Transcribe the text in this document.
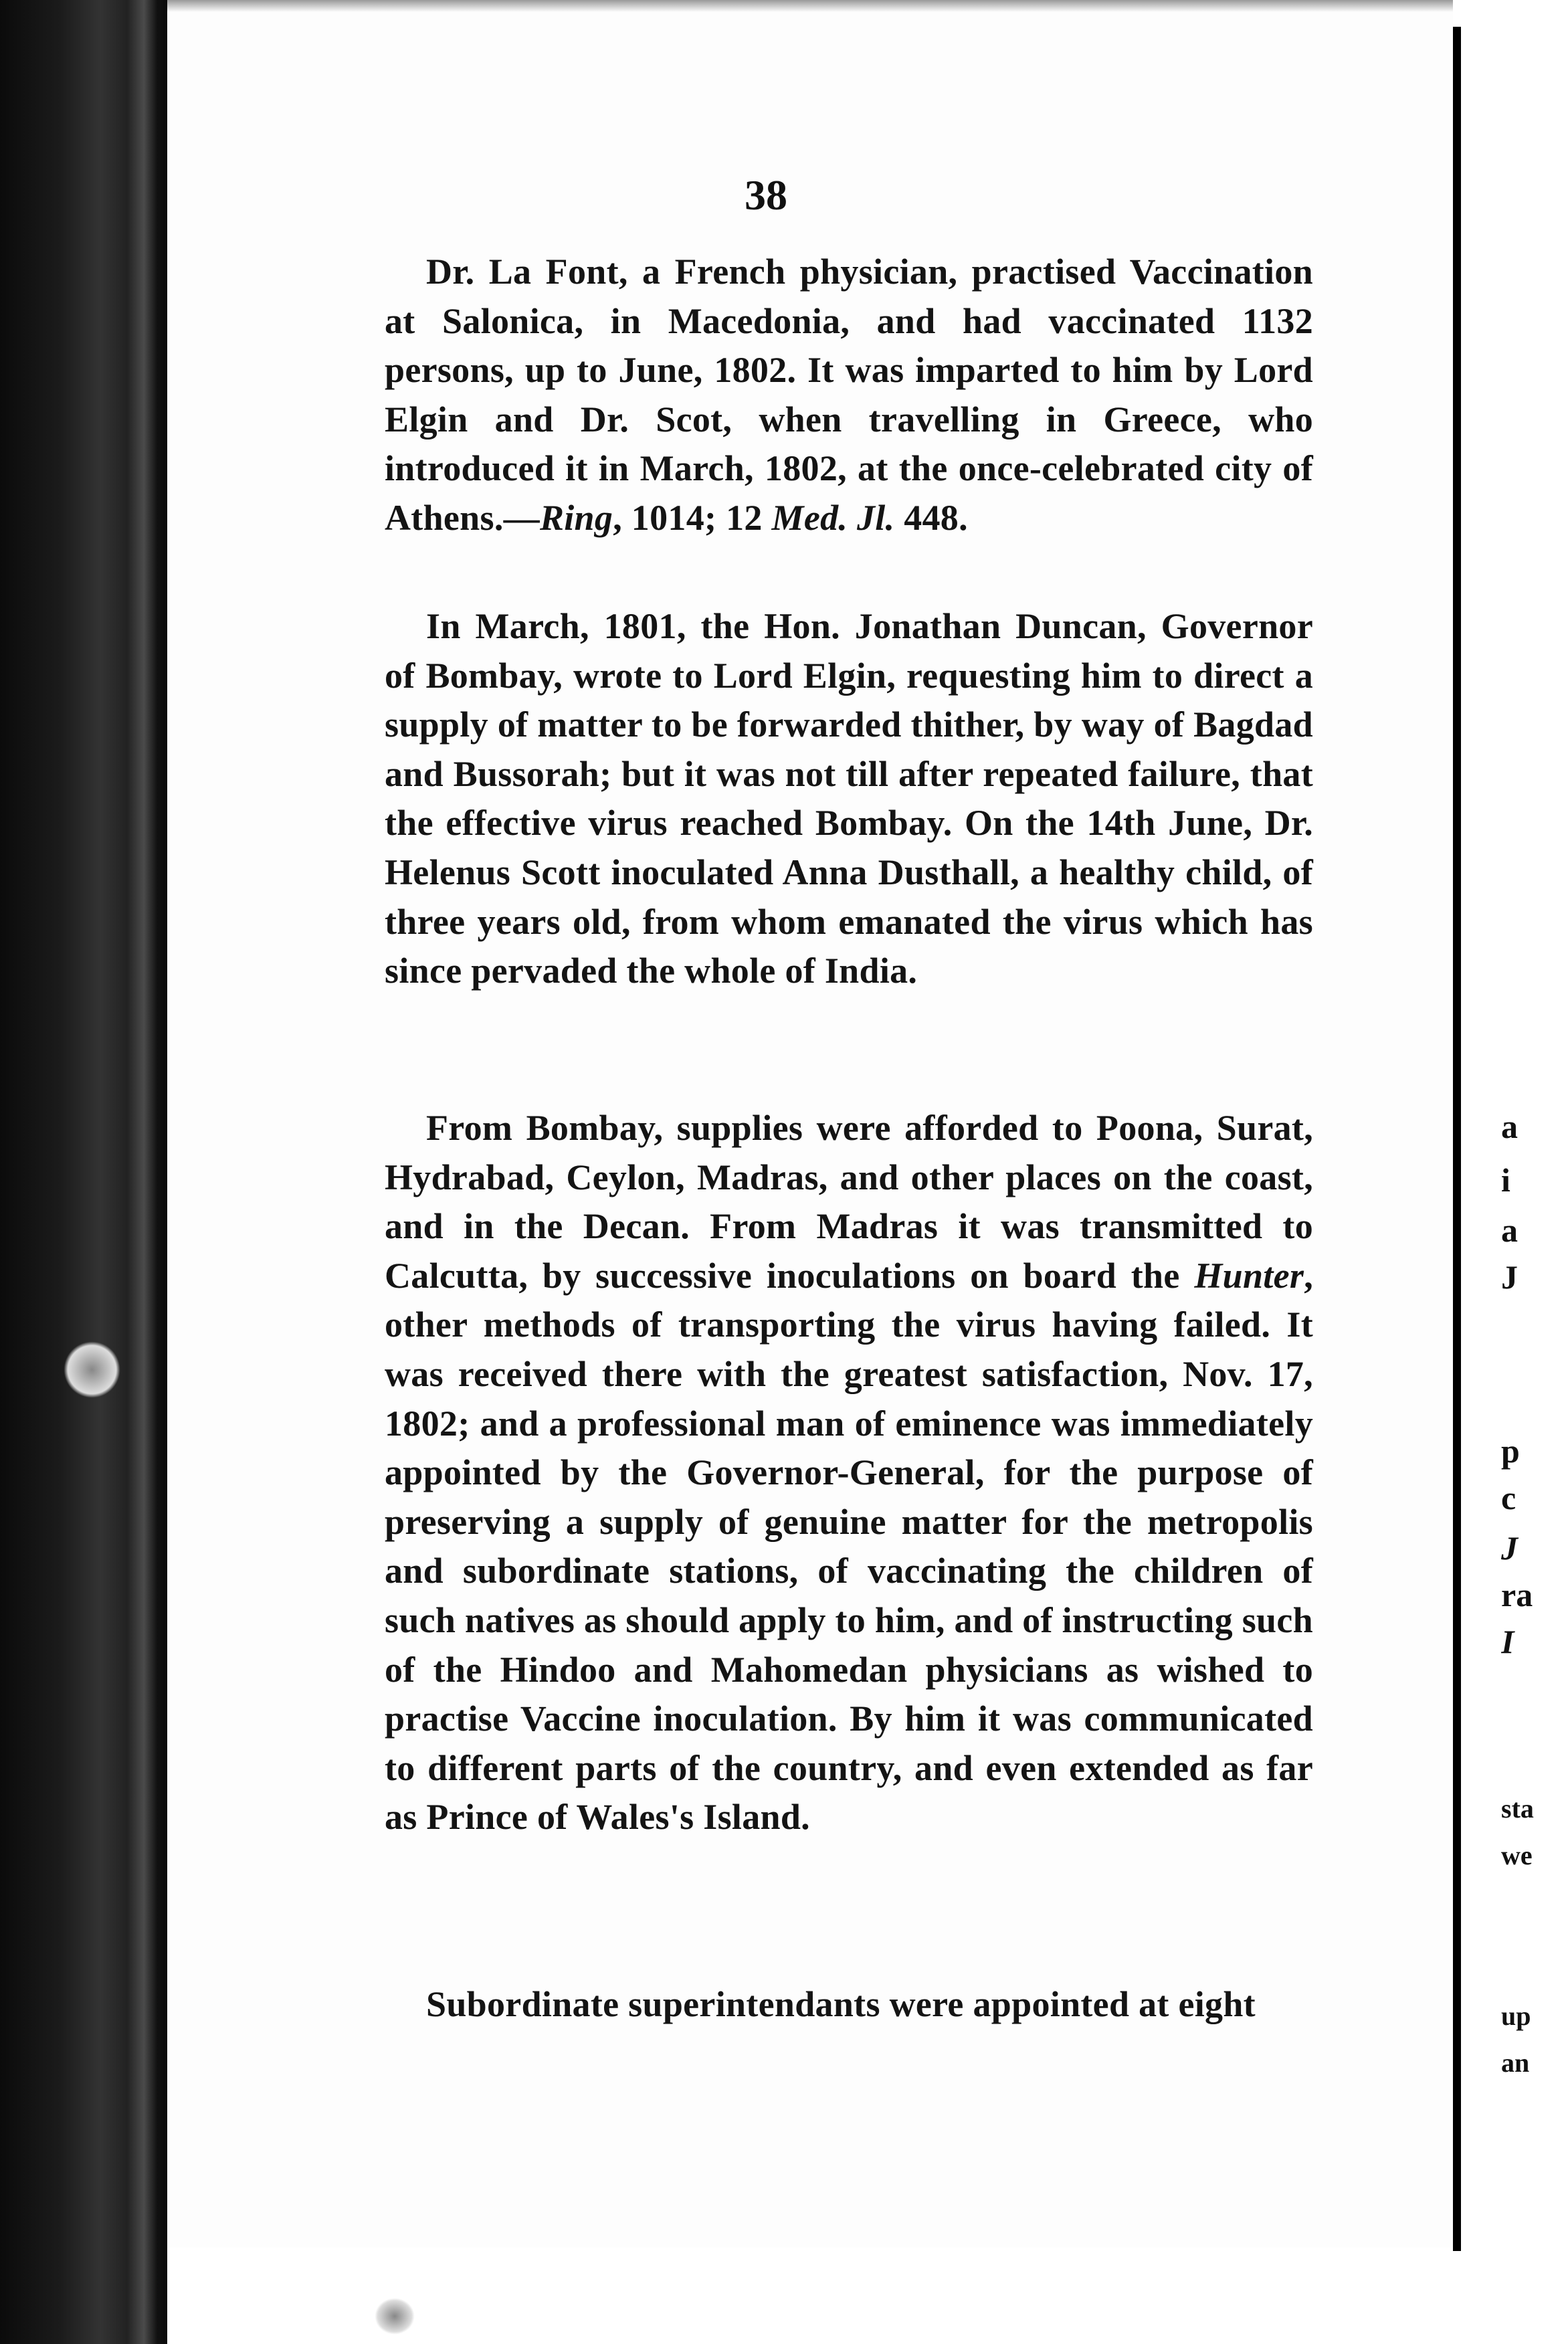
a
i
a
J
p
c
J
ra
I
sta
we
up
an
38

Dr. La Font, a French physician, practised Vaccination at Salonica, in Macedonia, and had vaccinated 1132 persons, up to June, 1802. It was imparted to him by Lord Elgin and Dr. Scot, when travelling in Greece, who introduced it in March, 1802, at the once-celebrated city of Athens.—Ring, 1014; 12 Med. Jl. 448.

In March, 1801, the Hon. Jonathan Duncan, Governor of Bombay, wrote to Lord Elgin, requesting him to direct a supply of matter to be forwarded thither, by way of Bagdad and Bussorah; but it was not till after repeated failure, that the effective virus reached Bombay. On the 14th June, Dr. Helenus Scott inoculated Anna Dusthall, a healthy child, of three years old, from whom emanated the virus which has since pervaded the whole of India.

From Bombay, supplies were afforded to Poona, Surat, Hydrabad, Ceylon, Madras, and other places on the coast, and in the Decan. From Madras it was transmitted to Calcutta, by successive inoculations on board the Hunter, other methods of transporting the virus having failed. It was received there with the greatest satisfaction, Nov. 17, 1802; and a professional man of eminence was immediately appointed by the Governor-General, for the purpose of preserving a supply of genuine matter for the metropolis and subordinate stations, of vaccinating the children of such natives as should apply to him, and of instructing such of the Hindoo and Mahomedan physicians as wished to practise Vaccine inoculation. By him it was communicated to different parts of the country, and even extended as far as Prince of Wales's Island.

Subordinate superintendants were appointed at eight
